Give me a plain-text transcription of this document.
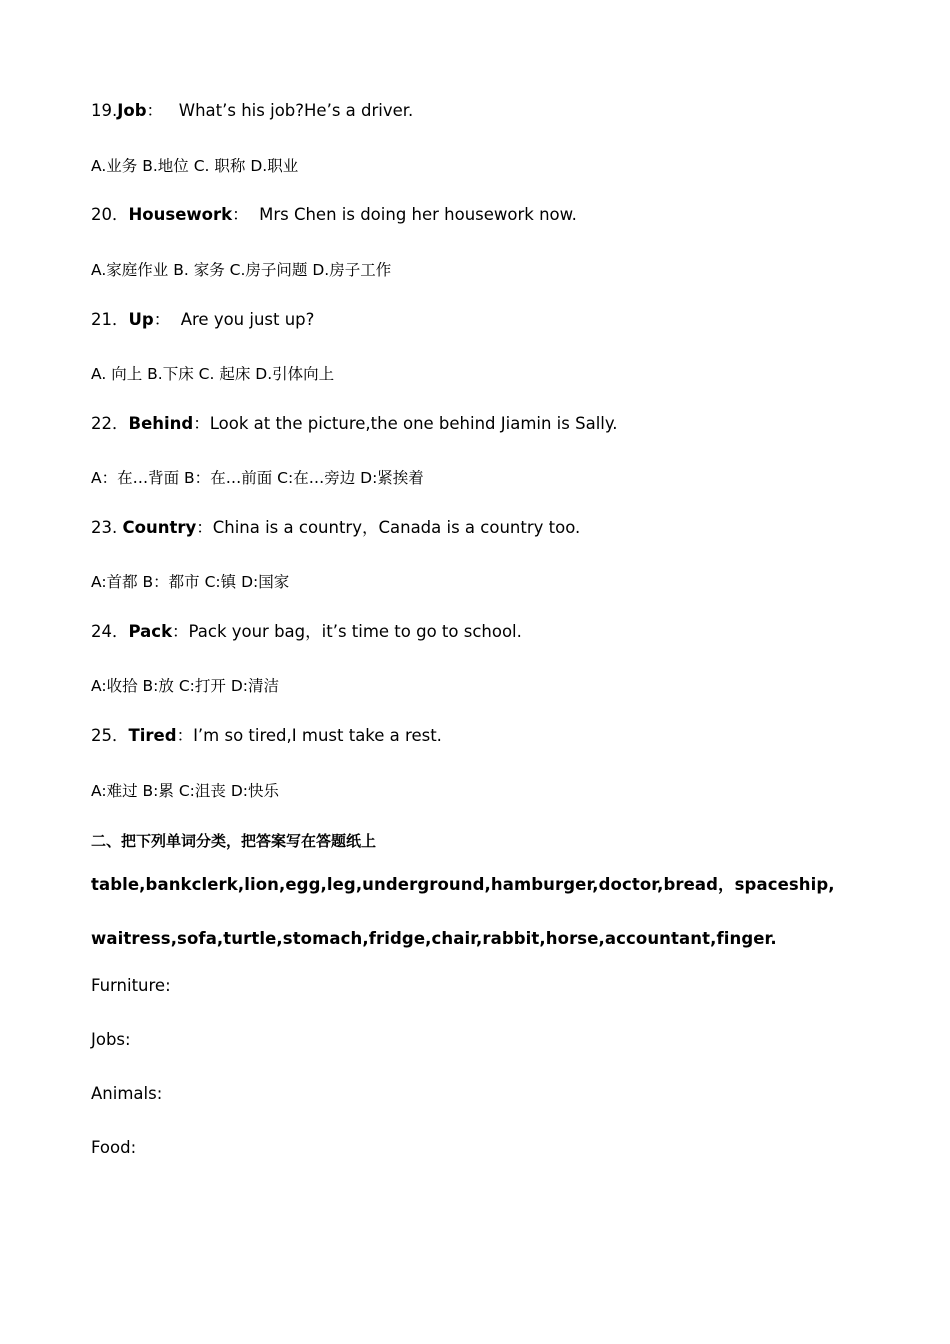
19.Job：   What’s his job?He’s a driver.
A.业务 B.地位 C. 职称 D.职业
20．Housework：  Mrs Chen is doing her housework now.
A.家庭作业 B. 家务 C.房子问题 D.房子工作
21．Up：  Are you just up?
A. 向上 B.下床 C. 起床 D.引体向上
22．Behind：Look at the picture,the one behind Jiamin is Sally.
A：在…背面 B：在…前面 C:在…旁边 D:紧挨着
23. Country：China is a country，Canada is a country too.
A:首都 B：都市 C:镇 D:国家
24．Pack：Pack your bag，it’s time to go to school.
A:收拾 B:放 C:打开 D:清洁
25．Tired：I’m so tired,I must take a rest.
A:难过 B:累 C:沮丧 D:快乐
二、把下列单词分类，把答案写在答题纸上
table,bankclerk,lion,egg,leg,underground,hamburger,doctor,bread，spaceship,
waitress,sofa,turtle,stomach,fridge,chair,rabbit,horse,accountant,finger.
Furniture:
Jobs:
Animals:
Food:
